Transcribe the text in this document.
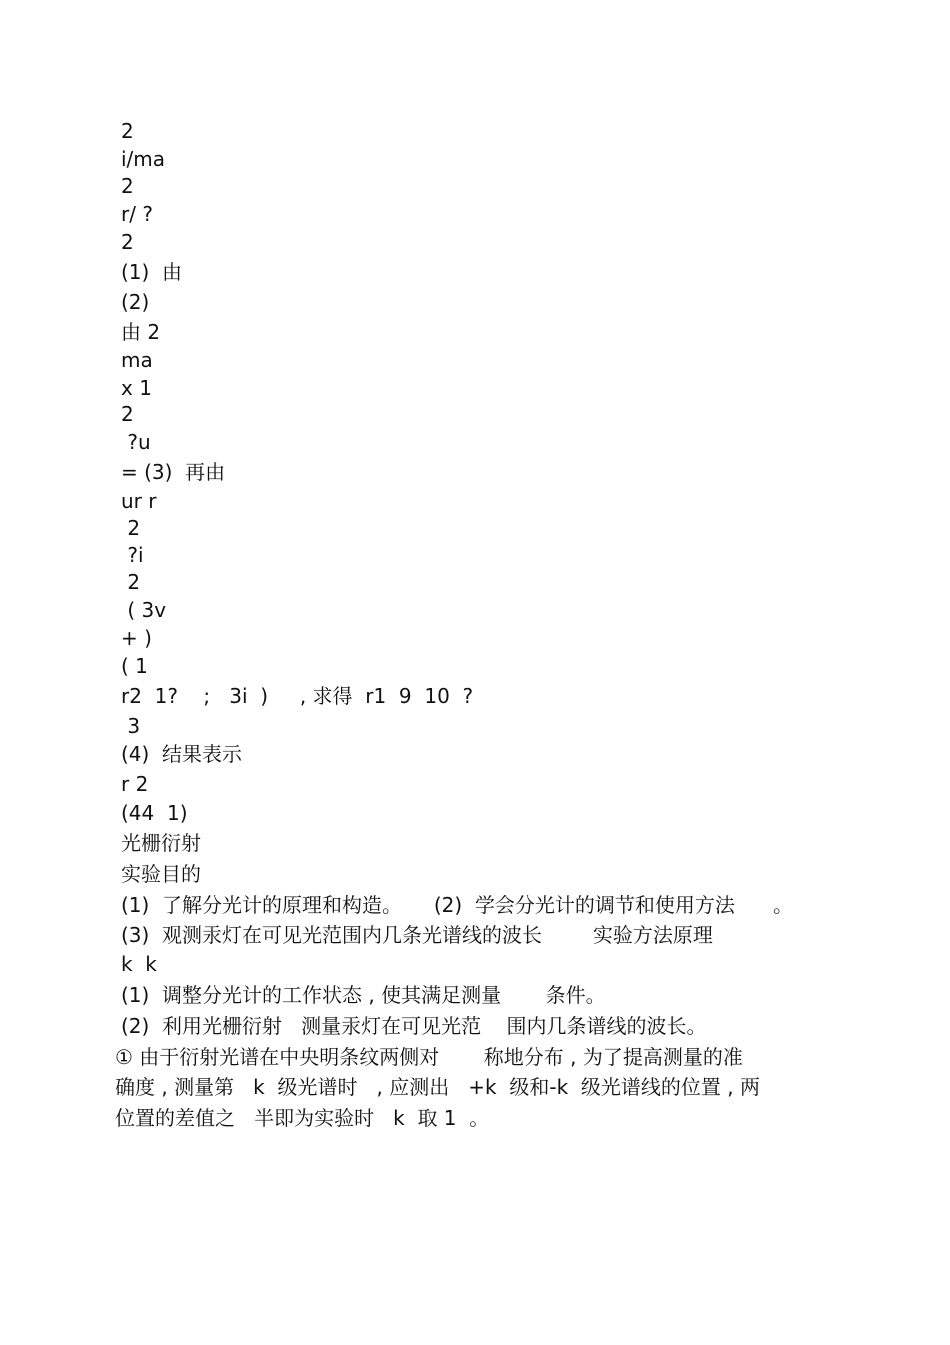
2
i/ma
2
r/ ?
2
(1)  由
(2)
由 2
ma
x 1
2
?u
= (3)  再由
ur r
2
?i
2
( 3v
+ )
( 1
r2  1?    ;   3i  )     , 求得  r1  9  10  ?
3
(4)  结果表示
r 2
(44  1)
光栅衍射
实验目的
(1)  了解分光计的原理和构造。     (2)  学会分光计的调节和使用方法      。
(3)  观测汞灯在可见光范围内几条光谱线的波长        实验方法原理
k  k
(1)  调整分光计的工作状态 , 使其满足测量       条件。
(2)  利用光栅衍射   测量汞灯在可见光范    围内几条谱线的波长。
① 由于衍射光谱在中央明条纹两侧对       称地分布 , 为了提高测量的准
确度 , 测量第   k  级光谱时   , 应测出   +k  级和-k  级光谱线的位置 , 两
位置的差值之   半即为实验时   k  取 1  。
